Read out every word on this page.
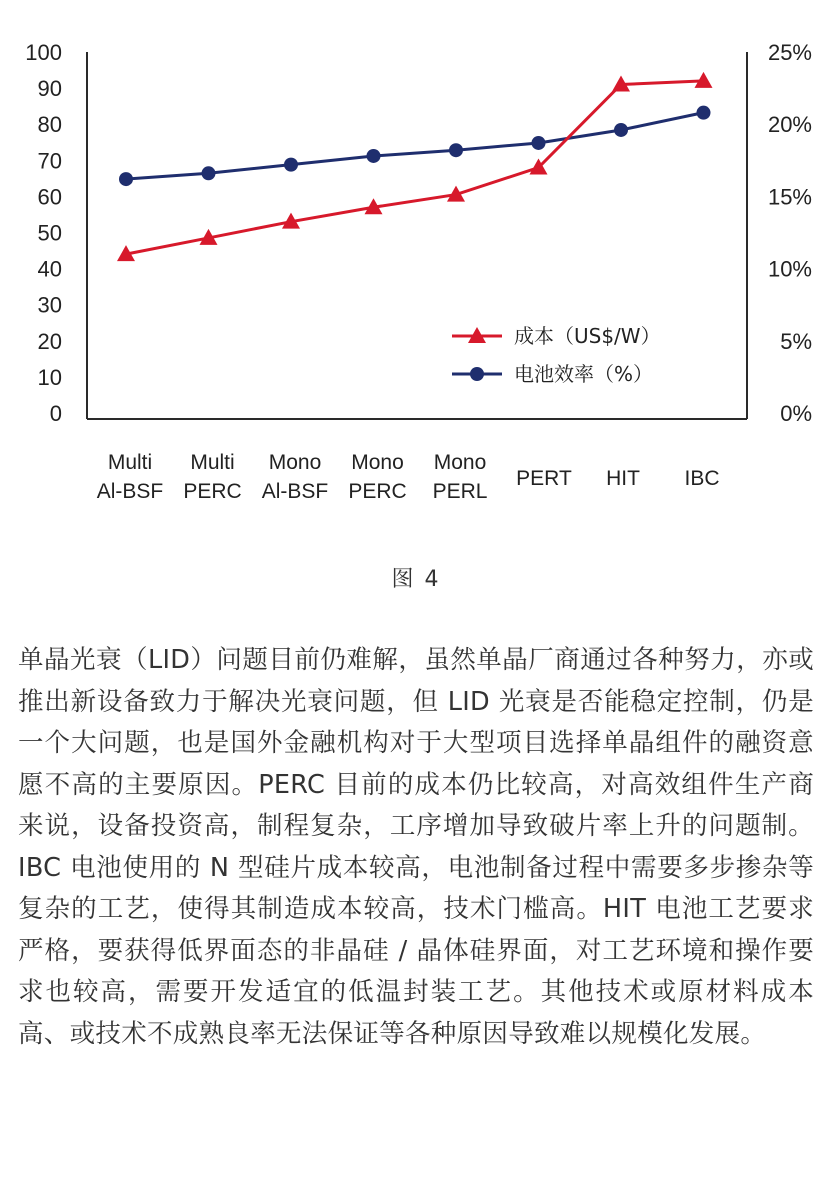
0
10
20
30
40
50
60
70
80
90
100
0%
5%
10%
15%
20%
25%
Multi Al-BSF
Multi PERC
Mono Al-BSF
Mono PERC
Mono PERL
PERT HIT IBC
成本（US$/W）
电池效率（%）
图 4

单晶光衰（LID）问题目前仍难解，虽然单晶厂商通过各种努力，亦或推出新设备致力于解决光衰问题，但 LID 光衰是否能稳定控制，仍是一个大问题，也是国外金融机构对于大型项目选择单晶组件的融资意愿不高的主要原因。PERC 目前的成本仍比较高，对高效组件生产商来说，设备投资高，制程复杂，工序增加导致破片率上升的问题制。IBC 电池使用的 N 型硅片成本较高，电池制备过程中需要多步掺杂等复杂的工艺，使得其制造成本较高，技术门槛高。HIT 电池工艺要求严格，要获得低界面态的非晶硅 / 晶体硅界面，对工艺环境和操作要求也较高，需要开发适宜的低温封装工艺。其他技术或原材料成本高、或技术不成熟良率无法保证等各种原因导致难以规模化发展。
